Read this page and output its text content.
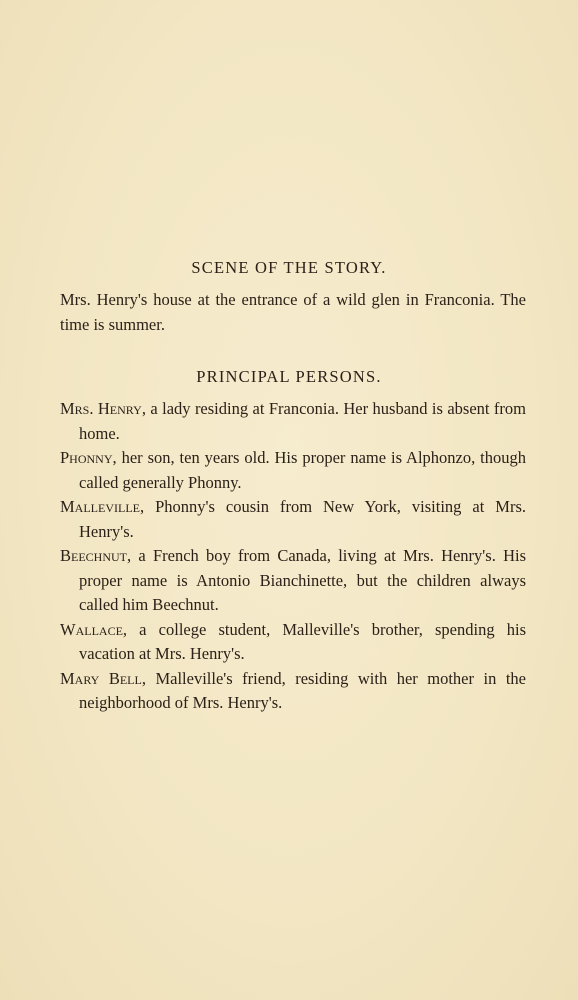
SCENE OF THE STORY.

Mrs. Henry's house at the entrance of a wild glen in Franconia. The time is summer.

PRINCIPAL PERSONS.

Mrs. Henry, a lady residing at Franconia. Her husband is absent from home.

Phonny, her son, ten years old. His proper name is Alphonzo, though called generally Phonny.

Malleville, Phonny's cousin from New York, visiting at Mrs. Henry's.

Beechnut, a French boy from Canada, living at Mrs. Henry's. His proper name is Antonio Bianchinette, but the children always called him Beechnut.

Wallace, a college student, Malleville's brother, spending his vacation at Mrs. Henry's.

Mary Bell, Malleville's friend, residing with her mother in the neighborhood of Mrs. Henry's.
